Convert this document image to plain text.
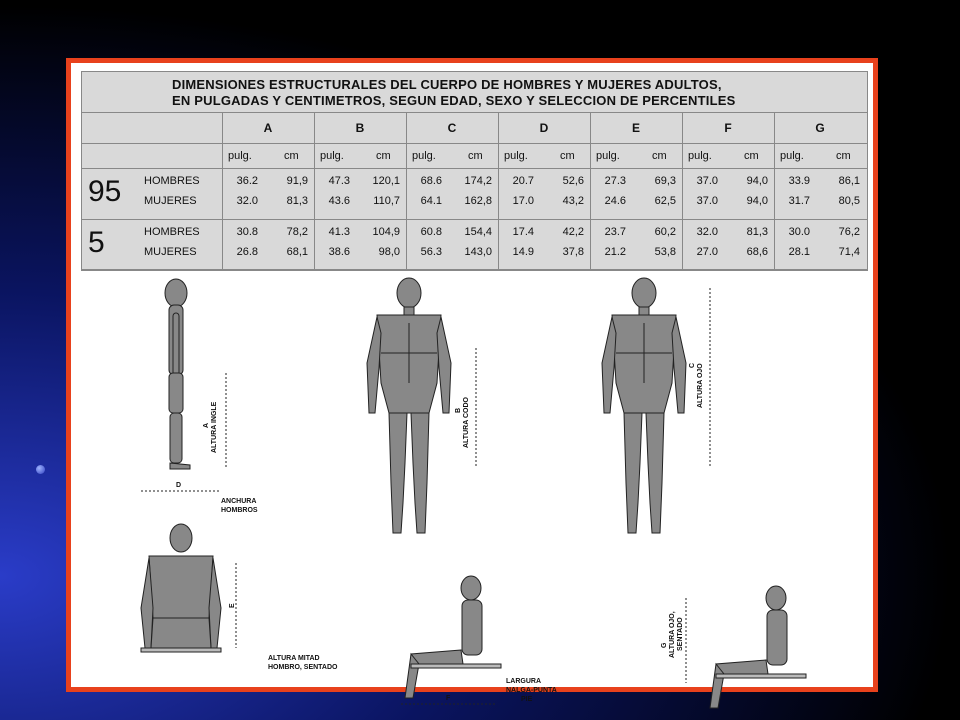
DIMENSIONES ESTRUCTURALES DEL CUERPO DE HOMBRES Y MUJERES ADULTOS,
EN PULGADAS Y CENTIMETROS, SEGUN EDAD, SEXO Y SELECCION DE PERCENTILES
A	B	C	D	E	F	G
pulg.	cm pulg.	cm pulg.	cm pulg.	cm pulg.	cm pulg.	cm pulg.	cm
95 HOMBRES	36.2	91,9	47.3	120,1	68.6	174,2	20.7	52,6	27.3	69,3	37.0	94,0	33.9	86,1
MUJERES	32.0	81,3	43.6	110,7	64.1	162,8	17.0	43,2	24.6	62,5	37.0	94,0	31.7	80,5
5	HOMBRES	30.8	78,2	41.3	104,9	60.8	154,4	17.4	42,2	23.7	60,2	32.0	81,3	30.0	76,2
MUJERES	26.8	68,1	38.6	98,0	56.3	143,0	14.9	37,8	21.2	53,8	27.0	68,6	28.1	71,4
ALTURA INGLE
A	ALTURA CODO
B
ALTURA OJO
C
D
ANCHURA
HOMBROS
E
ALTURA MITAD
HOMBRO, SENTADO
F
LARGURA
NALGA-PUNTA
PIE
G ALTURA OJO, SENTADO
